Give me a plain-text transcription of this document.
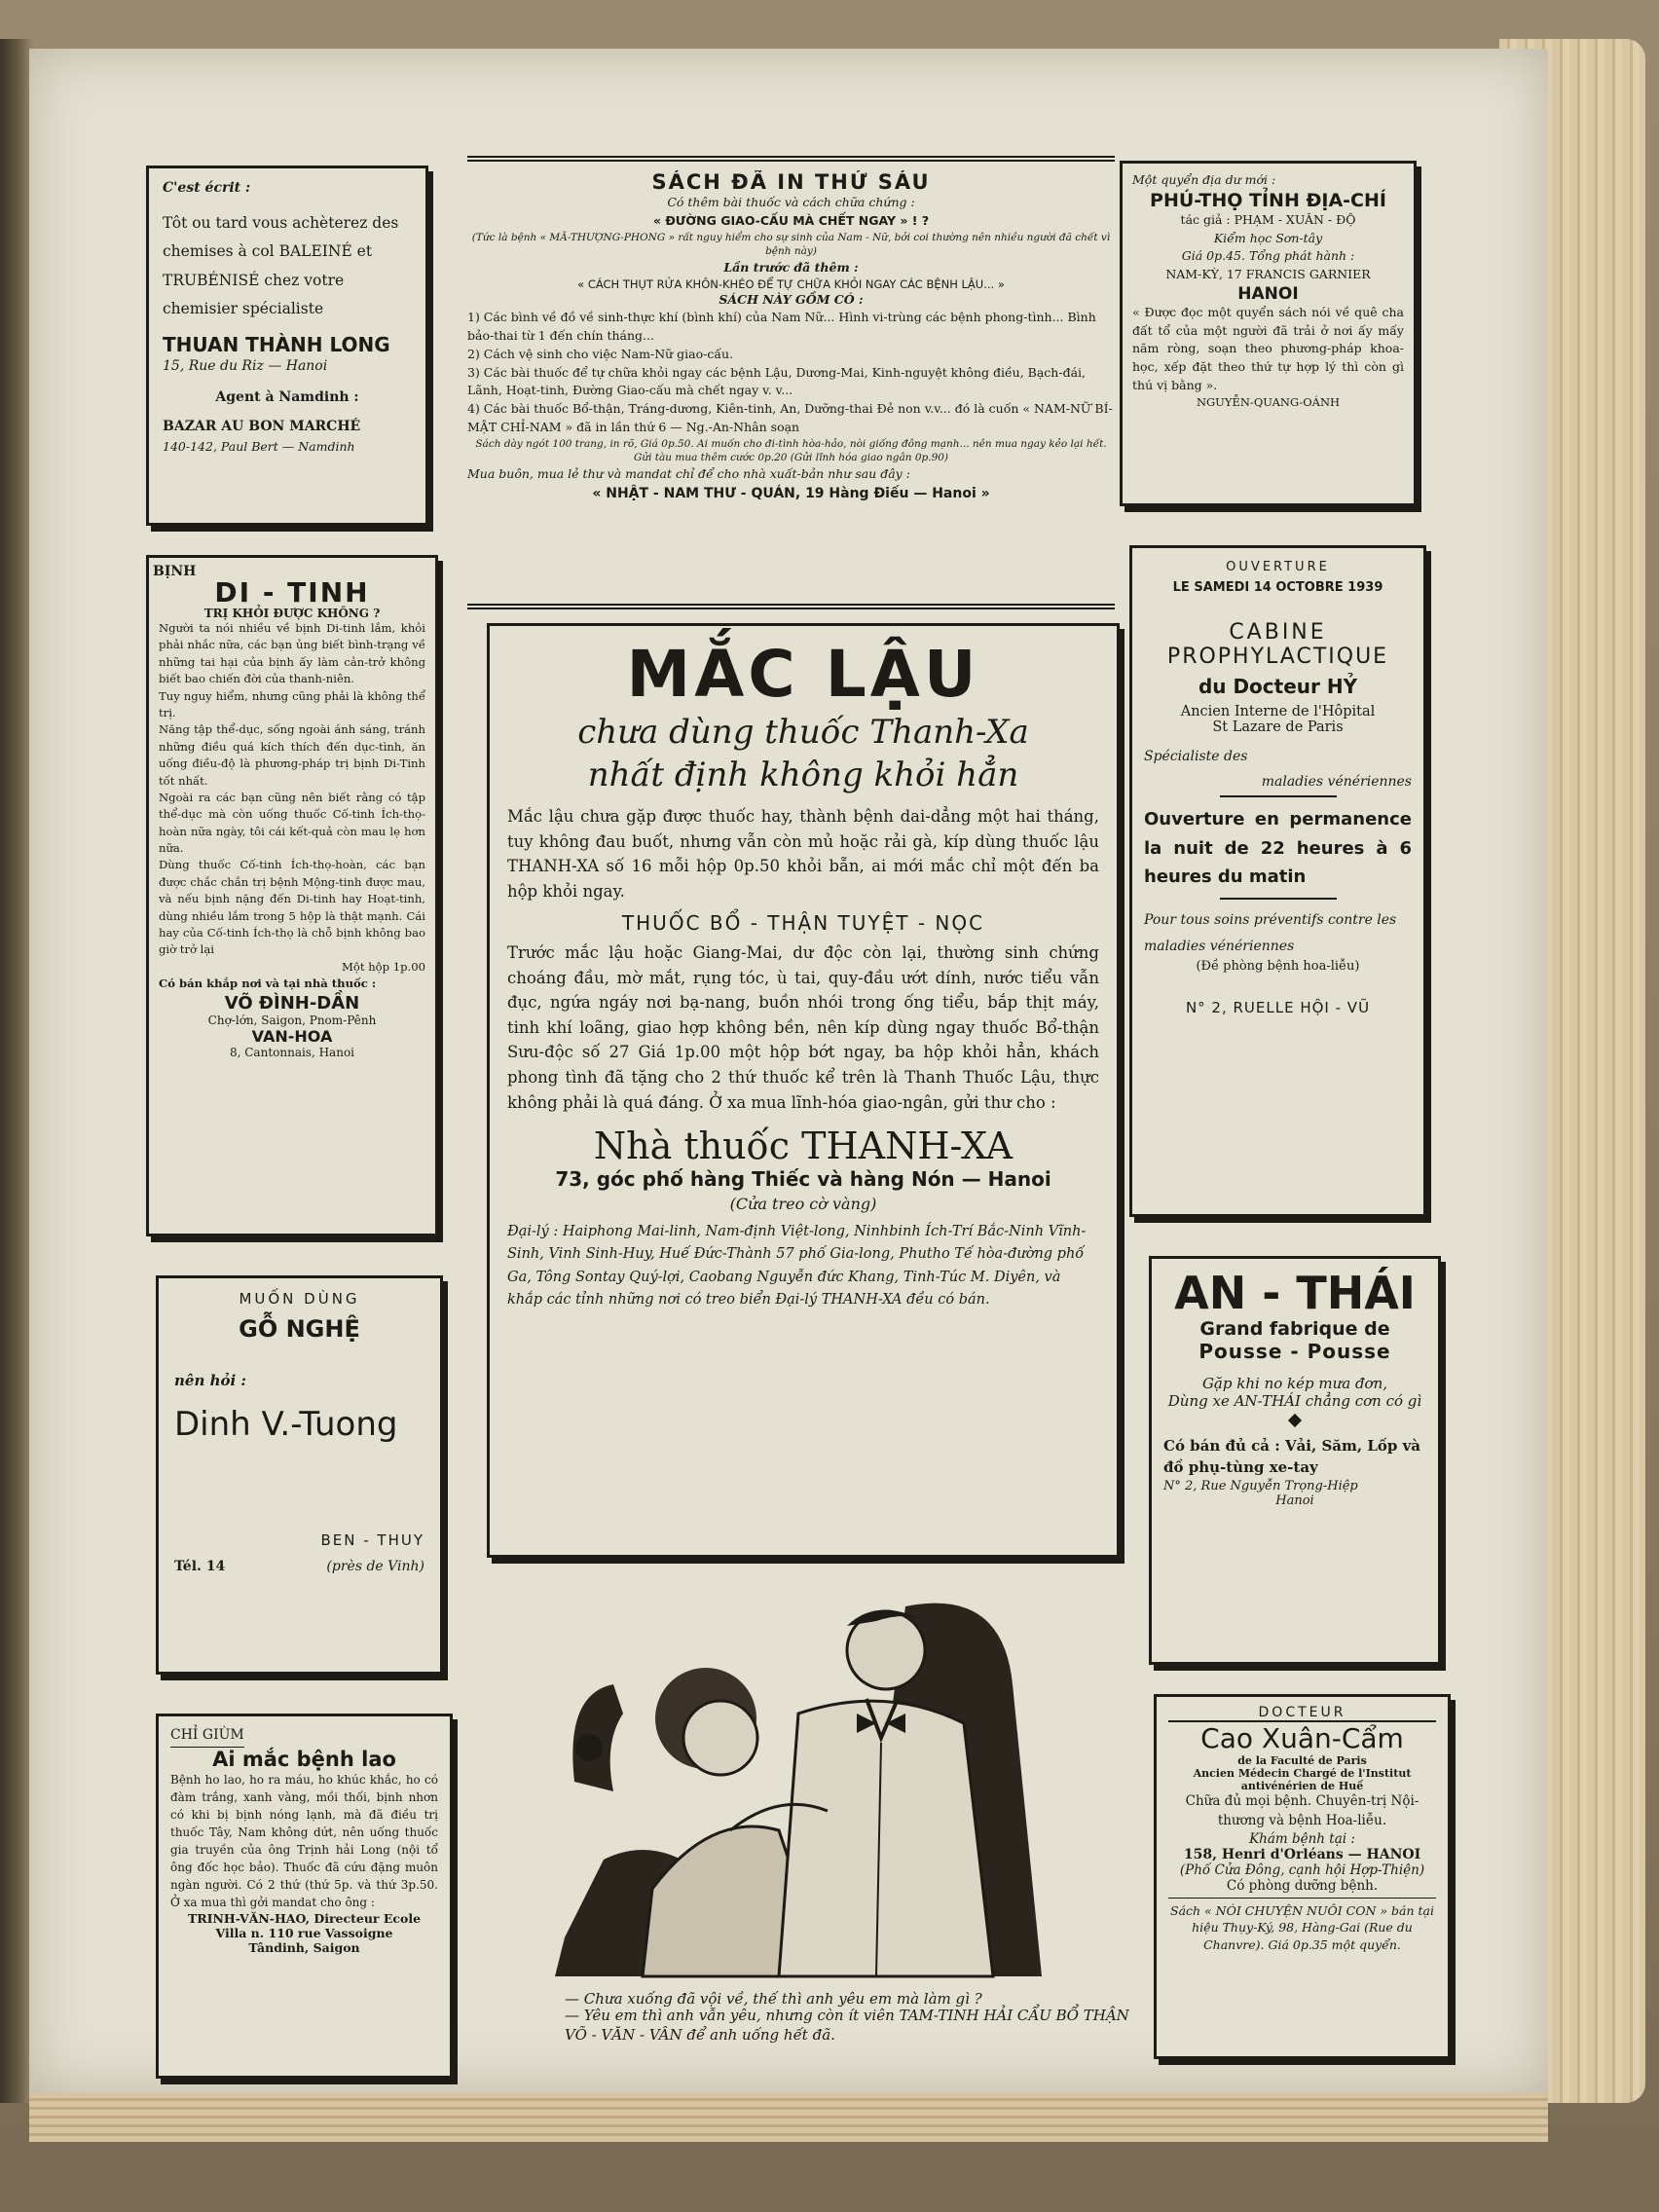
C'est écrit :

Tôt ou tard vous achèterez des chemises à col BALEINÉ et TRUBÉNISÉ chez votre chemisier spécialiste

THUAN THÀNH LONG

15, Rue du Riz — Hanoi

Agent à Namdinh :

BAZAR AU BON MARCHÉ

140-142, Paul Bert — Namdinh

SÁCH ĐÃ IN THỨ SÁU

Có thêm bài thuốc và cách chữa chứng :

« ĐƯỜNG GIAO-CẤU MÀ CHẾT NGAY » ! ?

(Tức là bệnh « MÃ-THƯỢNG-PHONG » rất nguy hiểm cho sự sinh của Nam - Nữ, bởi coi thường nên nhiều người đã chết vì bệnh này)

Lần trước đã thêm :

« CÁCH THỤT RỬA KHÔN-KHÉO ĐỂ TỰ CHỮA KHỎI NGAY CÁC BỆNH LẬU... »

SÁCH NÀY GỒM CÓ :

1) Các bình về đồ về sinh-thực khí (bình khí) của Nam Nữ... Hình vi-trùng các bệnh phong-tình... Bình bảo-thai từ 1 đến chín tháng...

2) Cách vệ sinh cho việc Nam-Nữ giao-cấu.

3) Các bài thuốc để tự chữa khỏi ngay các bệnh Lậu, Dương-Mai, Kinh-nguyệt không điều, Bạch-đái, Lãnh, Hoạt-tinh, Đường Giao-cấu mà chết ngay v. v...

4) Các bài thuốc Bổ-thận, Tráng-dương, Kiên-tinh, An, Dưỡng-thai Đẻ non v.v... đó là cuốn « NAM-NỮ BÍ-MẬT CHỈ-NAM » đã in lần thứ 6 — Ng.-An-Nhân soạn

Sách dày ngót 100 trang, in rõ, Giá 0p.50. Ai muốn cho đi-tình hòa-hảo, nòi giống đông mạnh... nên mua ngay kẻo lại hết. Gửi tàu mua thêm cước 0p.20 (Gửi lĩnh hóa giao ngân 0p.90)

Mua buôn, mua lẻ thư và mandat chỉ để cho nhà xuất-bản như sau đây :

« NHẬT - NAM THƯ - QUÁN, 19 Hàng Điếu — Hanoi »

Một quyển địa dư mới :

PHÚ-THỌ TỈNH ĐỊA-CHÍ

tác giả : PHẠM - XUÂN - ĐỘ

Kiểm học Sơn-tây

Giá 0p.45. Tổng phát hành :

NAM-KỲ, 17 FRANCIS GARNIER

HANOI

« Được đọc một quyển sách nói về quê cha đất tổ của một người đã trải ở nơi ấy mấy năm ròng, soạn theo phương-pháp khoa-học, xếp đặt theo thứ tự hợp lý thì còn gì thú vị bằng ».

NGUYỄN-QUANG-OÁNH

BỊNH

DI - TINH

TRỊ KHỎI ĐƯỢC KHÔNG ?

Người ta nói nhiều về bịnh Di-tinh lắm, khỏi phải nhắc nữa, các bạn ủng biết bình-trạng về những tai hại của bịnh ấy làm cản-trở không biết bao chiến đời của thanh-niên.

Tuy nguy hiểm, nhưng cũng phải là không thể trị.

Năng tập thể-dục, sống ngoài ánh sáng, tránh những điều quá kích thích đến dục-tình, ăn uống điều-độ là phương-pháp trị bịnh Di-Tinh tốt nhất.

Ngoài ra các bạn cũng nên biết rằng có tập thể-dục mà còn uống thuốc Cố-tinh Ích-thọ-hoàn nữa ngày, tôi cái kết-quả còn mau lẹ hơn nữa.

Dùng thuốc Cố-tinh Ích-thọ-hoàn, các bạn được chắc chắn trị bệnh Mộng-tinh được mau, và nếu bịnh nặng đến Di-tinh hay Hoạt-tinh, dùng nhiều lắm trong 5 hộp là thật mạnh. Cái hay của Cố-tinh Ích-thọ là chỗ bịnh không bao giờ trở lại

Một hộp 1p.00

Có bán khắp nơi và tại nhà thuốc :

VÕ ĐÌNH-DẦN

Chợ-lớn, Saigon, Pnom-Pênh

VAN-HOA

8, Cantonnais, Hanoi

MUỐN DÙNG

GỖ NGHỆ

nên hỏi :

Dinh V.-Tuong

BEN - THUY

Tél. 14	(près de Vinh)

CHỈ GIÙM

Ai mắc bệnh lao

Bệnh ho lao, ho ra máu, ho khúc khắc, ho có đàm trắng, xanh vàng, mồi thối, bịnh nhơn có khi bị bịnh nóng lạnh, mà đã điều trị thuốc Tây, Nam không dứt, nên uống thuốc gia truyền của ông Trịnh hải Long (nội tổ ông đốc học bảo). Thuốc đã cứu đặng muôn ngàn người. Có 2 thứ (thứ 5p. và thứ 3p.50. Ở xa mua thì gởi mandat cho ông :

TRINH-VĂN-HAO, Directeur Ecole

Villa n. 110 rue Vassoigne

Tândinh, Saigon

MẮC LẬU

chưa dùng thuốc Thanh-Xa

nhất định không khỏi hẳn

Mắc lậu chưa gặp được thuốc hay, thành bệnh dai-dẳng một hai tháng, tuy không đau buốt, nhưng vẫn còn mủ hoặc rải gà, kíp dùng thuốc lậu THANH-XA số 16 mỗi hộp 0p.50 khỏi bẵn, ai mới mắc chỉ một đến ba hộp khỏi ngay.

THUỐC BỔ - THẬN TUYỆT - NỌC

Trước mắc lậu hoặc Giang-Mai, dư độc còn lại, thường sinh chứng choáng đầu, mờ mắt, rụng tóc, ù tai, quy-đầu ướt dính, nước tiểu vẫn đục, ngứa ngáy nơi bạ-nang, buồn nhói trong ống tiểu, bắp thịt máy, tinh khí loãng, giao hợp không bền, nên kíp dùng ngay thuốc Bổ-thận Sưu-độc số 27 Giá 1p.00 một hộp bớt ngay, ba hộp khỏi hẳn, khách phong tình đã tặng cho 2 thứ thuốc kể trên là Thanh Thuốc Lậu, thực không phải là quá đáng. Ở xa mua lĩnh-hóa giao-ngân, gửi thư cho :

Nhà thuốc THANH-XA

73, góc phố hàng Thiếc và hàng Nón — Hanoi

(Cửa treo cờ vàng)

Đại-lý : Haiphong Mai-linh, Nam-định Việt-long, Ninhbinh Ích-Trí Bắc-Ninh Vĩnh-Sinh, Vinh Sinh-Huy, Huế Đức-Thành 57 phố Gia-long, Phutho Tế hòa-đường phố Ga, Tông Sontay Quý-lợi, Caobang Nguyễn đức Khang, Tinh-Túc M. Diyên, và khắp các tỉnh những nơi có treo biển Đại-lý THANH-XA đều có bán.

— Chưa xuống đã vội về, thế thì anh yêu em mà làm gì ?

— Yêu em thì anh vẫn yêu, nhưng còn ít viên TAM-TINH HẢI CẨU BỔ THẬN VÕ - VĂN - VÂN để anh uống hết đã.

OUVERTURE

LE SAMEDI 14 OCTOBRE 1939

CABINE

PROPHYLACTIQUE

du Docteur HỶ

Ancien Interne de l'Hôpital

St Lazare de Paris

Spécialiste des

maladies vénériennes

Ouverture en permanence la nuit de 22 heures à 6 heures du matin

Pour tous soins préventifs contre les maladies vénériennes

(Đề phòng bệnh hoa-liễu)

N° 2, RUELLE HỘI - VŨ

AN - THÁI

Grand fabrique de

Pousse - Pousse

Gặp khi no kép mưa đơn,

Dùng xe AN-THÁI chẳng cơn có gì

Có bán đủ cả : Vải, Săm, Lốp và đồ phụ-tùng xe-tay

N° 2, Rue Nguyễn Trọng-Hiệp

Hanoi

DOCTEUR

Cao Xuân-Cẩm

de la Faculté de Paris

Ancien Médecin Chargé de l'Institut antivénérien de Huế

Chữa đủ mọi bệnh. Chuyên-trị Nội-thương và bệnh Hoa-liễu.

Khám bệnh tại :

158, Henri d'Orléans — HANOI

(Phố Cửa Đông, cạnh hội Hợp-Thiện)

Có phòng dưỡng bệnh.

Sách « NÓI CHUYỆN NUÔI CON » bán tại hiệu Thụy-Ký, 98, Hàng-Gai (Rue du Chanvre). Giá 0p.35 một quyển.
